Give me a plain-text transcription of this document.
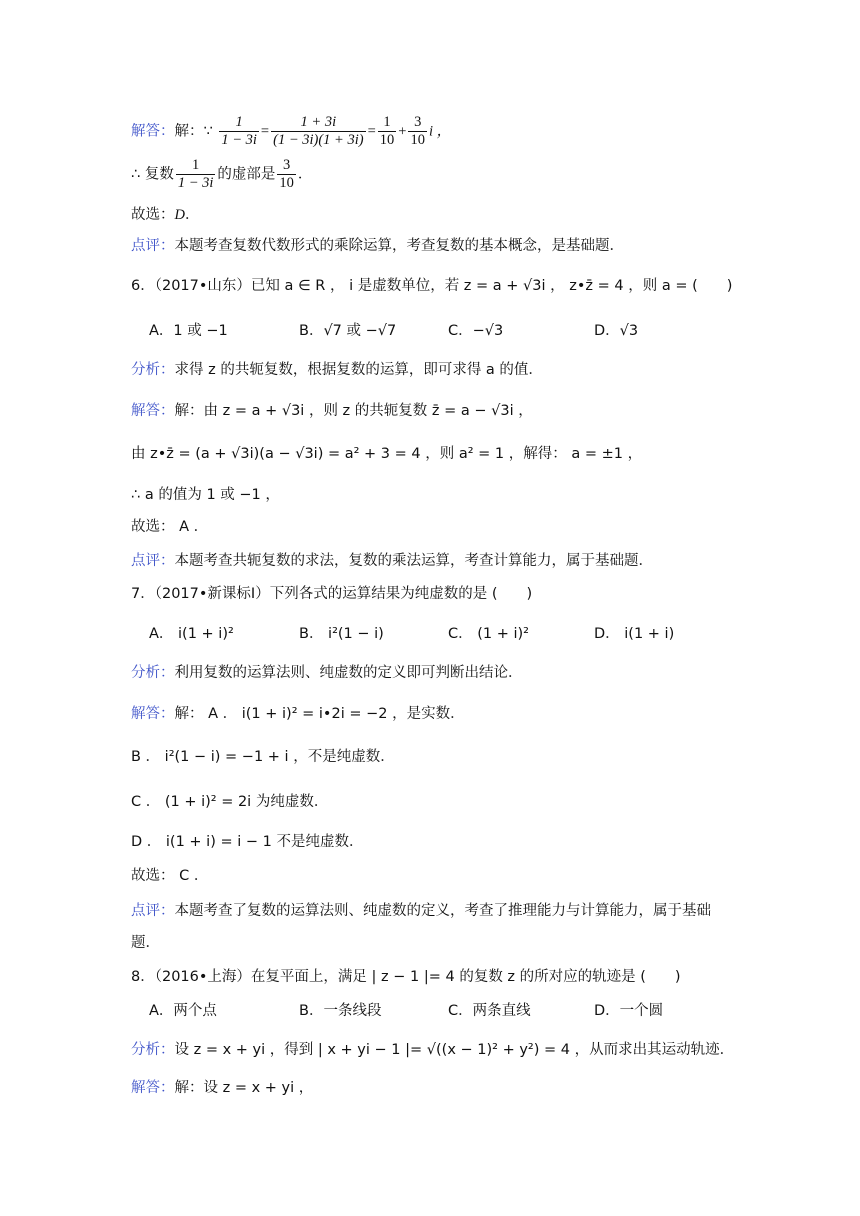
解答：解：∵ $\frac{1}{1 - 3i} = \frac{1 + 3i}{(1 - 3i)(1 + 3i)} = \frac{1}{10} + \frac{3}{10}$ i ，
∴ 复数 $\frac{1}{1 - 3i}$ 的虚部是 $\frac{3}{10}$ ．
故选：D．
点评：本题考查复数代数形式的乘除运算，考查复数的基本概念，是基础题．
6．（2017•山东）已知 a ∈ R ， i 是虚数单位，若 z = a + √3i ， z•z̄ = 4 ，则 a = (　　)
A．1 或 −1	B．√7 或 −√7	C．−√3	D．√3
分析：求得 z 的共轭复数，根据复数的运算，即可求得 a 的值．
解答：解：由 z = a + √3i ，则 z 的共轭复数 z̄ = a − √3i ，
由 z•z̄ = (a + √3i)(a − √3i) = a² + 3 = 4 ，则 a² = 1 ，解得： a = ±1 ，
∴ a 的值为 1 或 −1 ，
故选： A ．
点评：本题考查共轭复数的求法，复数的乘法运算，考查计算能力，属于基础题．
7．（2017•新课标Ⅰ）下列各式的运算结果为纯虚数的是 (　　)
A． i(1 + i)²	B． i²(1 − i)	C． (1 + i)²	D． i(1 + i)
分析：利用复数的运算法则、纯虚数的定义即可判断出结论．
解答：解： A ． i(1 + i)² = i•2i = −2 ，是实数．
B ． i²(1 − i) = −1 + i ，不是纯虚数．
C ． (1 + i)² = 2i 为纯虚数．
D ． i(1 + i) = i − 1 不是纯虚数．
故选： C ．
点评：本题考查了复数的运算法则、纯虚数的定义，考查了推理能力与计算能力，属于基础
题．
8．（2016•上海）在复平面上，满足 | z − 1 |= 4 的复数 z 的所对应的轨迹是 (　　)
A．两个点	B．一条线段	C．两条直线	D．一个圆
分析：设 z = x + yi ，得到 | x + yi − 1 |= √((x − 1)² + y²) = 4 ，从而求出其运动轨迹．
解答：解：设 z = x + yi ，
